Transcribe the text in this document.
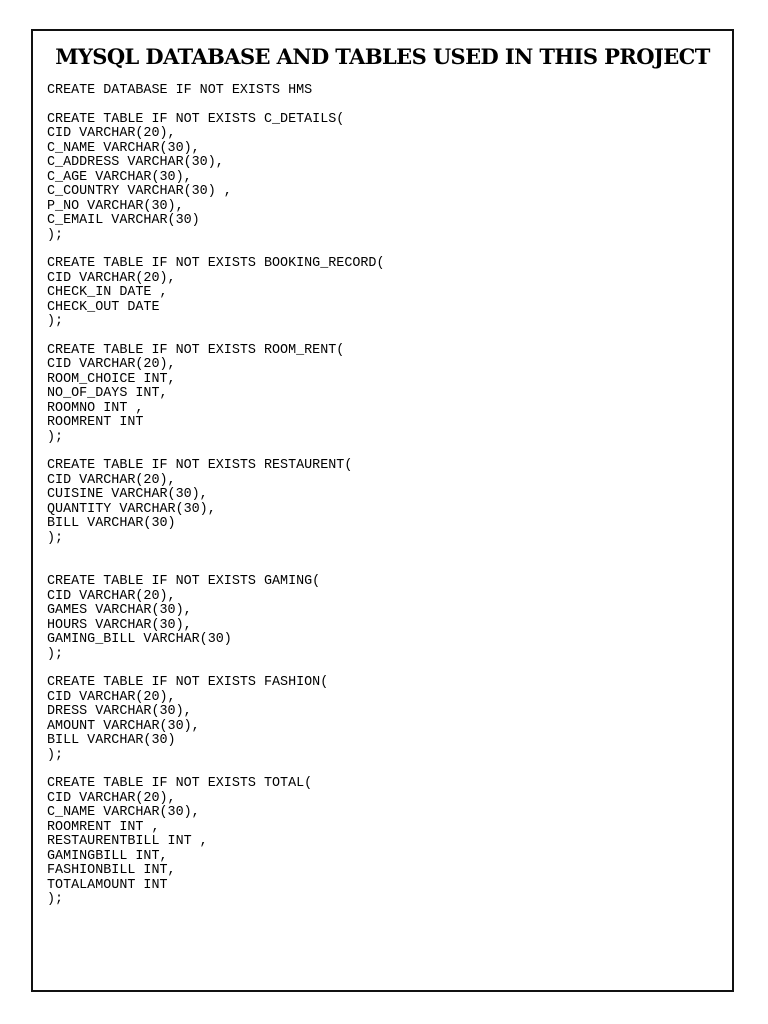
MYSQL DATABASE AND TABLES USED IN THIS PROJECT
CREATE DATABASE IF NOT EXISTS HMS
CREATE TABLE IF NOT EXISTS C_DETAILS(
CID VARCHAR(20),
C_NAME VARCHAR(30),
C_ADDRESS VARCHAR(30),
C_AGE VARCHAR(30),
C_COUNTRY VARCHAR(30) ,
P_NO VARCHAR(30),
C_EMAIL VARCHAR(30)
);
CREATE TABLE IF NOT EXISTS BOOKING_RECORD(
CID VARCHAR(20),
CHECK_IN DATE ,
CHECK_OUT DATE
);
CREATE TABLE IF NOT EXISTS ROOM_RENT(
CID VARCHAR(20),
ROOM_CHOICE INT,
NO_OF_DAYS INT,
ROOMNO INT ,
ROOMRENT INT
);
CREATE TABLE IF NOT EXISTS RESTAURENT(
CID VARCHAR(20),
CUISINE VARCHAR(30),
QUANTITY VARCHAR(30),
BILL VARCHAR(30)
);
CREATE TABLE IF NOT EXISTS GAMING(
CID VARCHAR(20),
GAMES VARCHAR(30),
HOURS VARCHAR(30),
GAMING_BILL VARCHAR(30)
);
CREATE TABLE IF NOT EXISTS FASHION(
CID VARCHAR(20),
DRESS VARCHAR(30),
AMOUNT VARCHAR(30),
BILL VARCHAR(30)
);
CREATE TABLE IF NOT EXISTS TOTAL(
CID VARCHAR(20),
C_NAME VARCHAR(30),
ROOMRENT INT ,
RESTAURENTBILL INT ,
GAMINGBILL INT,
FASHIONBILL INT,
TOTALAMOUNT INT
);
